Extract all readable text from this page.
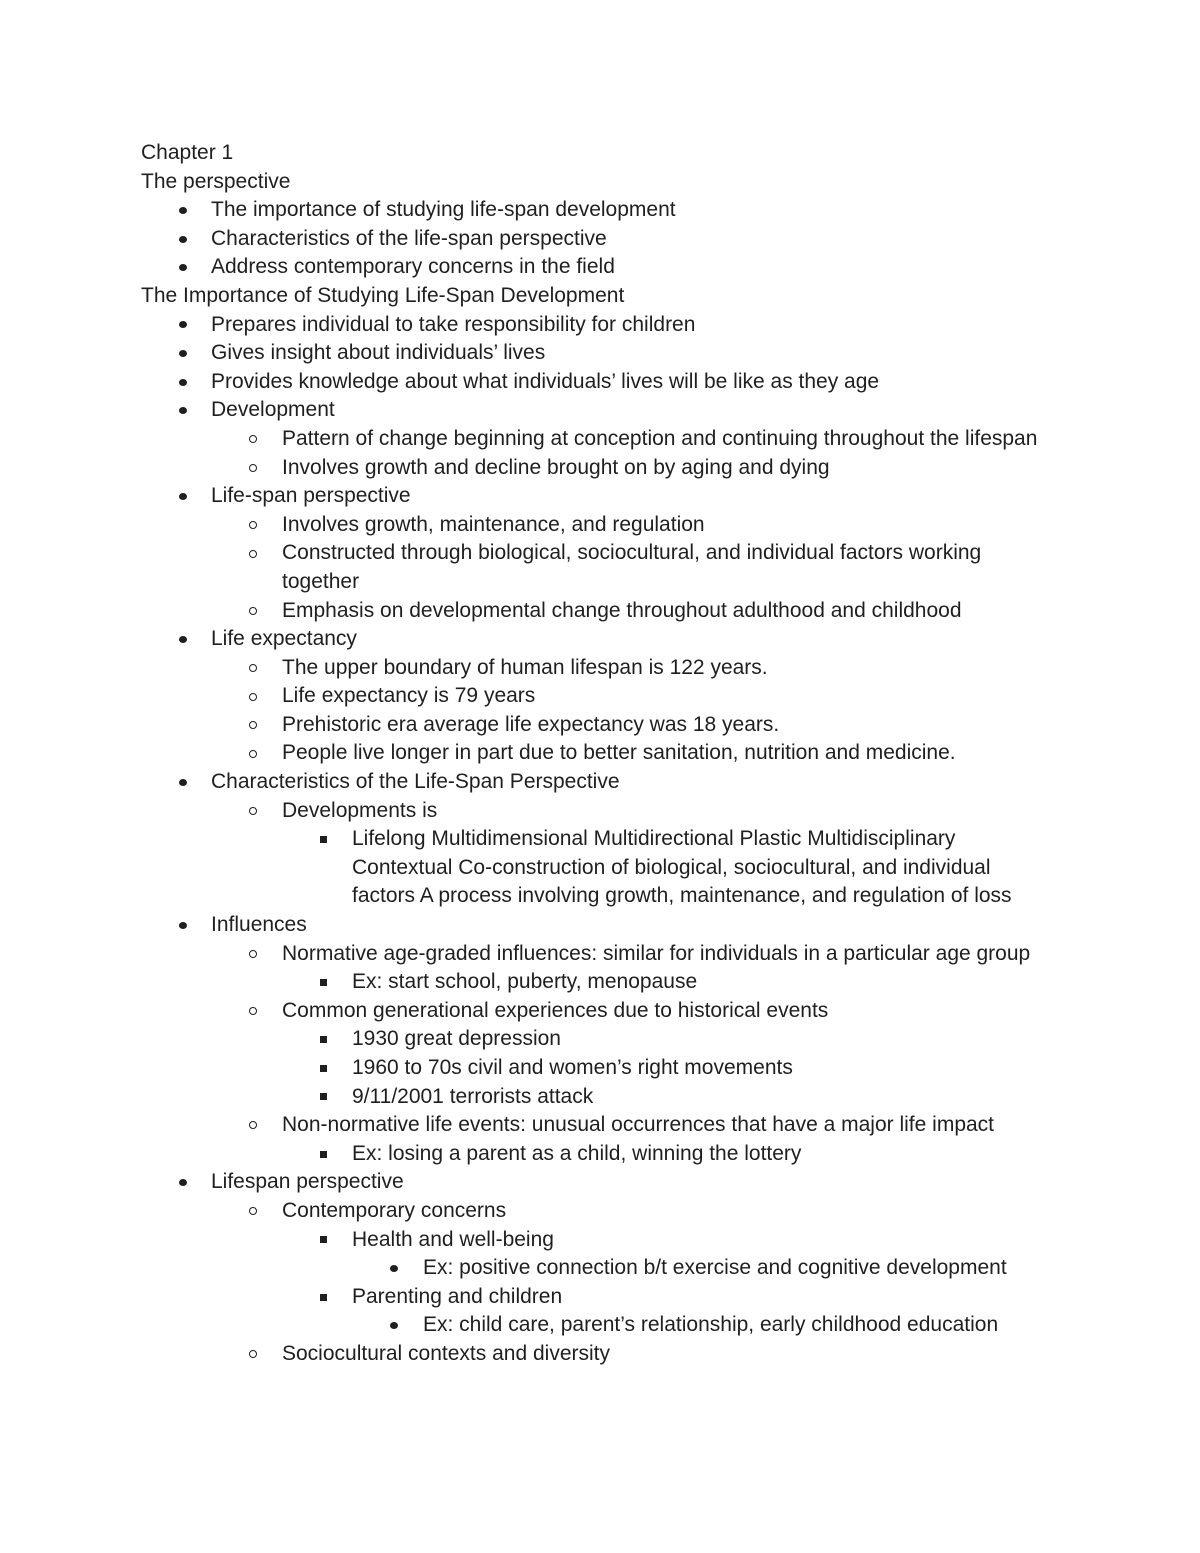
Chapter 1
The perspective
The importance of studying life-span development
Characteristics of the life-span perspective
Address contemporary concerns in the field
The Importance of Studying Life-Span Development
Prepares individual to take responsibility for children
Gives insight about individuals’ lives
Provides knowledge about what individuals’ lives will be like as they age
Development
Pattern of change beginning at conception and continuing throughout the lifespan
Involves growth and decline brought on by aging and dying
Life-span perspective
Involves growth, maintenance, and regulation
Constructed through biological, sociocultural, and individual factors working
together
Emphasis on developmental change throughout adulthood and childhood
Life expectancy
The upper boundary of human lifespan is 122 years.
Life expectancy is 79 years
Prehistoric era average life expectancy was 18 years.
People live longer in part due to better sanitation, nutrition and medicine.
Characteristics of the Life-Span Perspective
Developments is
Lifelong Multidimensional Multidirectional Plastic Multidisciplinary
Contextual Co-construction of biological, sociocultural, and individual
factors A process involving growth, maintenance, and regulation of loss
Influences
Normative age-graded influences: similar for individuals in a particular age group
Ex: start school, puberty, menopause
Common generational experiences due to historical events
1930 great depression
1960 to 70s civil and women’s right movements
9/11/2001 terrorists attack
Non-normative life events: unusual occurrences that have a major life impact
Ex: losing a parent as a child, winning the lottery
Lifespan perspective
Contemporary concerns
Health and well-being
Ex: positive connection b/t exercise and cognitive development
Parenting and children
Ex: child care, parent’s relationship, early childhood education
Sociocultural contexts and diversity
